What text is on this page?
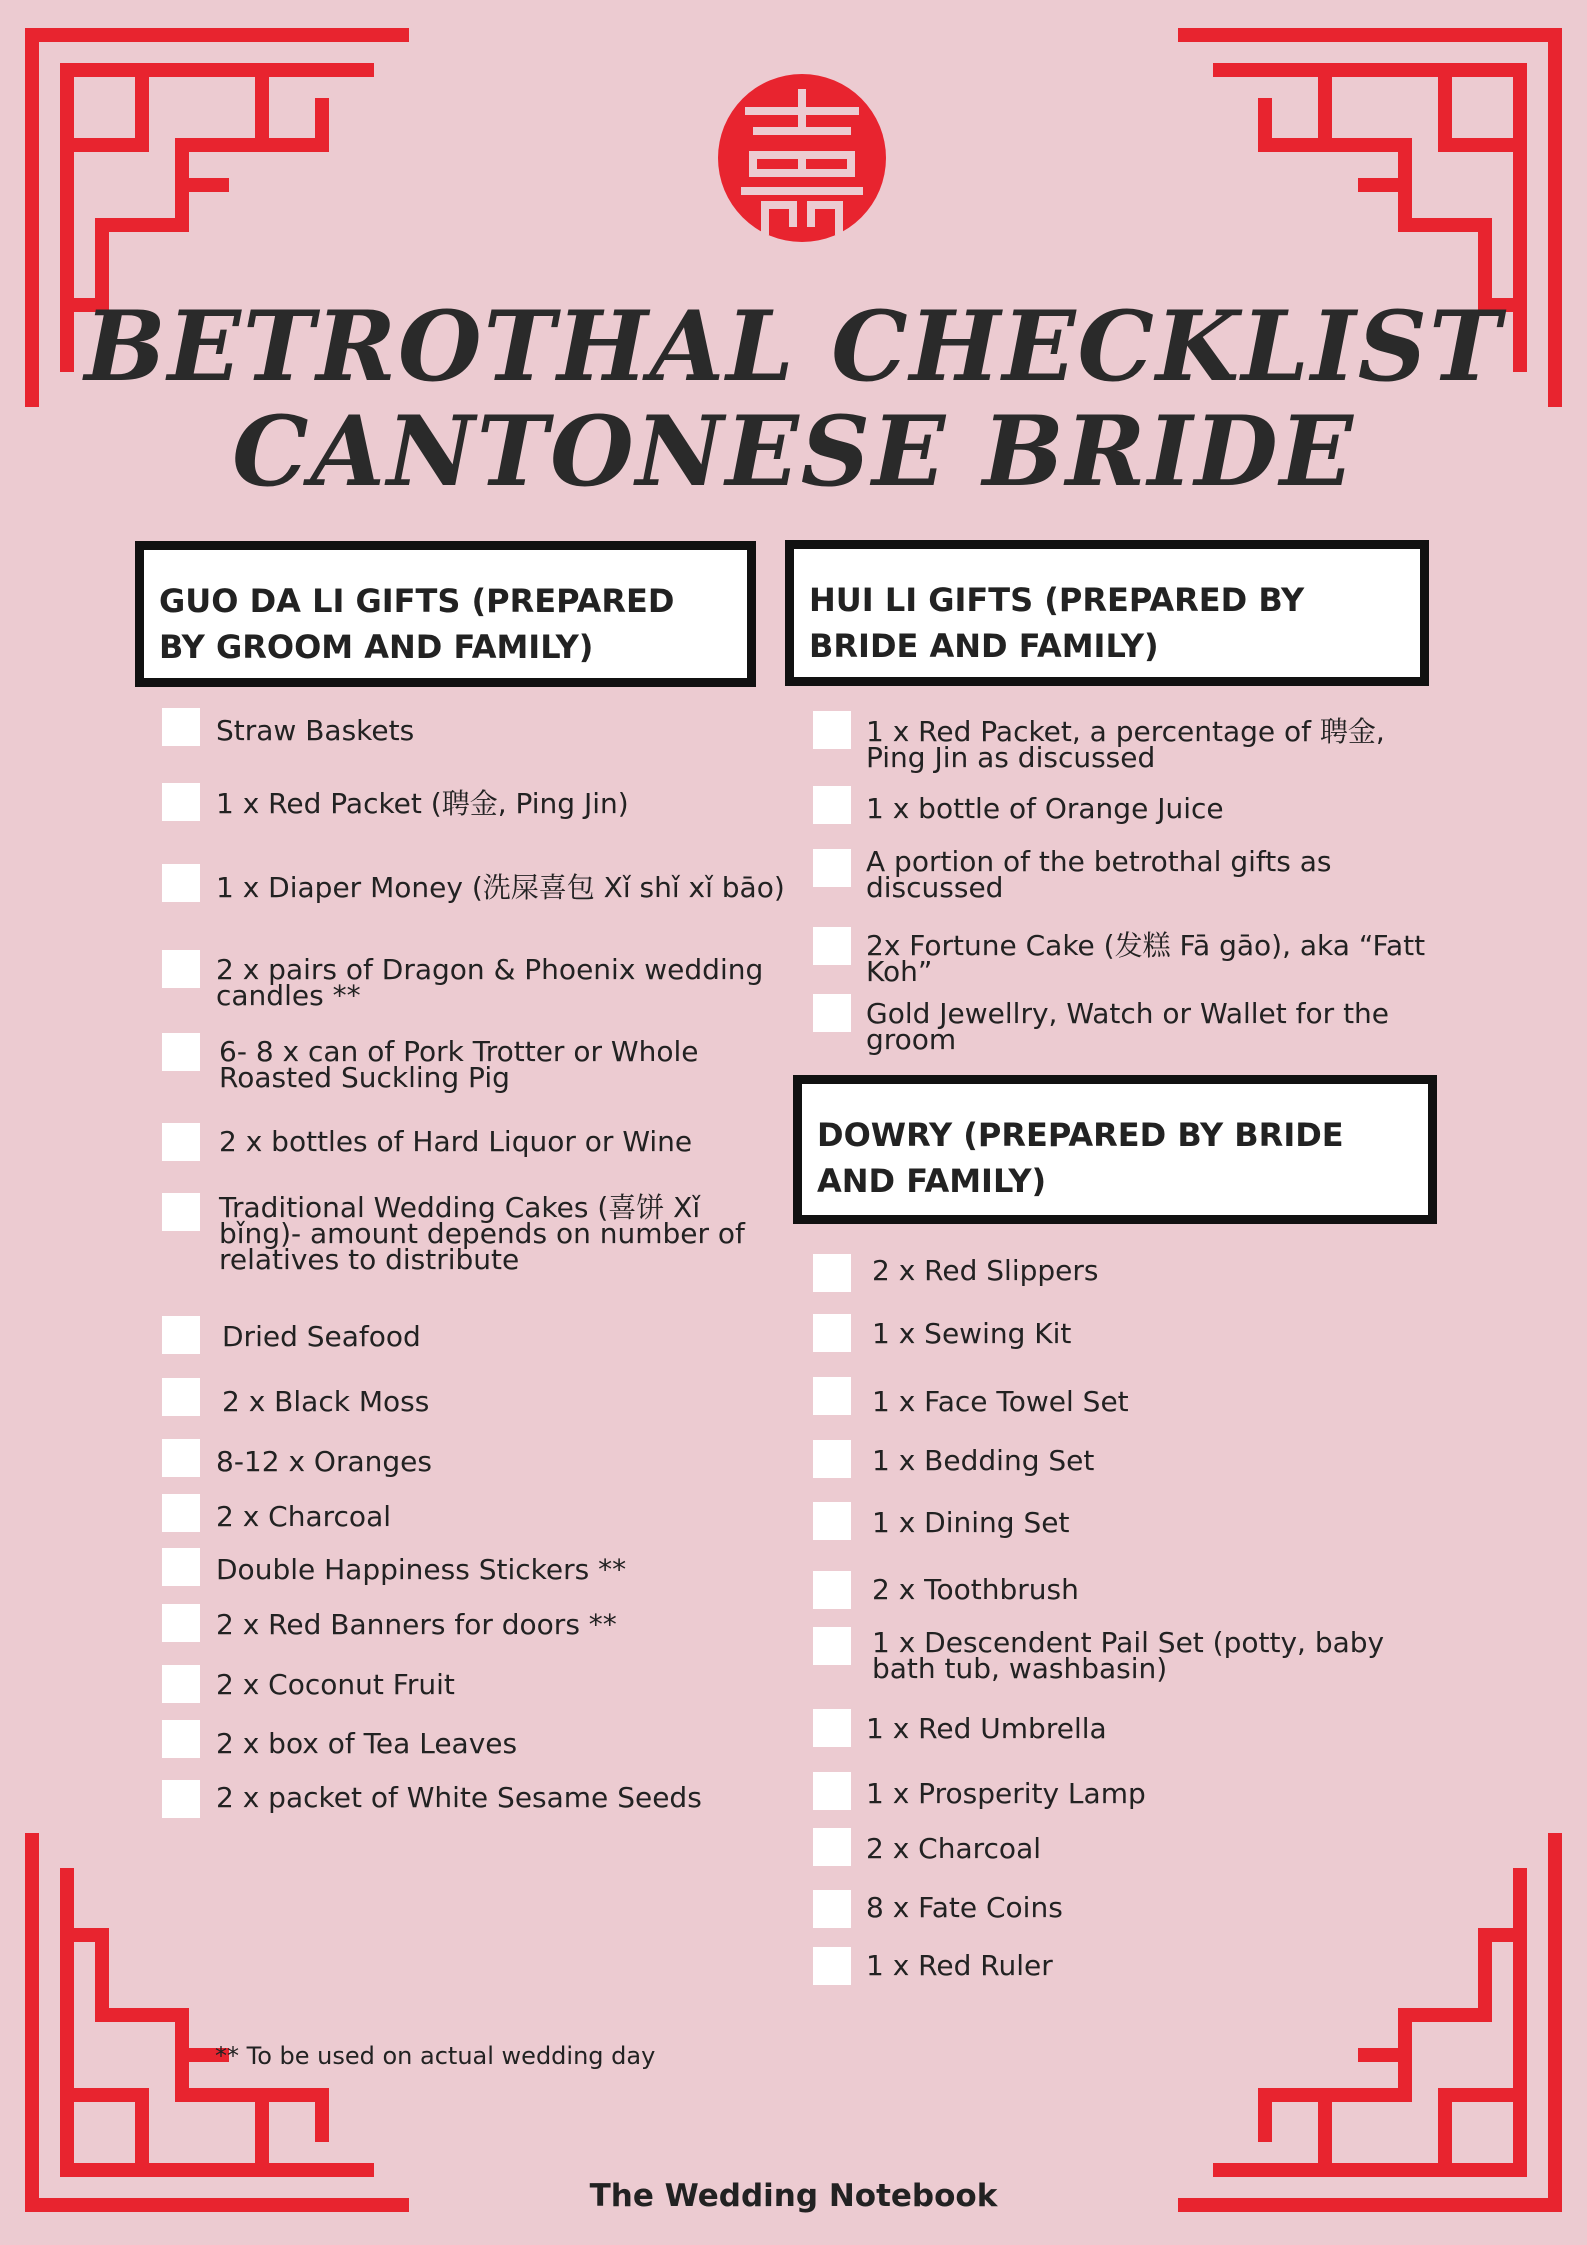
BETROTHAL CHECKLIST
CANTONESE BRIDE
GUO DA LI GIFTS (PREPARED BY GROOM AND FAMILY)
HUI LI GIFTS (PREPARED BY BRIDE AND FAMILY)
DOWRY (PREPARED BY BRIDE AND FAMILY)
Straw Baskets
1 x Red Packet (聘金, Ping Jin)
1 x Diaper Money (洗屎喜包 Xǐ shǐ xǐ bāo)
2 x pairs of Dragon & Phoenix wedding
candles **
6- 8 x can of Pork Trotter or Whole
Roasted Suckling Pig
2 x bottles of Hard Liquor or Wine
Traditional Wedding Cakes (喜饼 Xǐ
bǐng)- amount depends on number of
relatives to distribute
Dried Seafood
2 x Black Moss
8-12 x Oranges
2 x Charcoal
Double Happiness Stickers **
2 x Red Banners for doors **
2 x Coconut Fruit
2 x box of Tea Leaves
2 x packet of White Sesame Seeds
1 x Red Packet, a percentage of 聘金,
Ping Jin as discussed
1 x bottle of Orange Juice
A portion of the betrothal gifts as
discussed
2x Fortune Cake (发糕 Fā gāo), aka “Fatt
Koh”
Gold Jewellry, Watch or Wallet for the
groom
2 x Red Slippers
1 x Sewing Kit
1 x Face Towel Set
1 x Bedding Set
1 x Dining Set
2 x Toothbrush
1 x Descendent Pail Set (potty, baby
bath tub, washbasin)
1 x Red Umbrella
1 x Prosperity Lamp
2 x Charcoal
8 x Fate Coins
1 x Red Ruler
** To be used on actual wedding day
The Wedding Notebook
